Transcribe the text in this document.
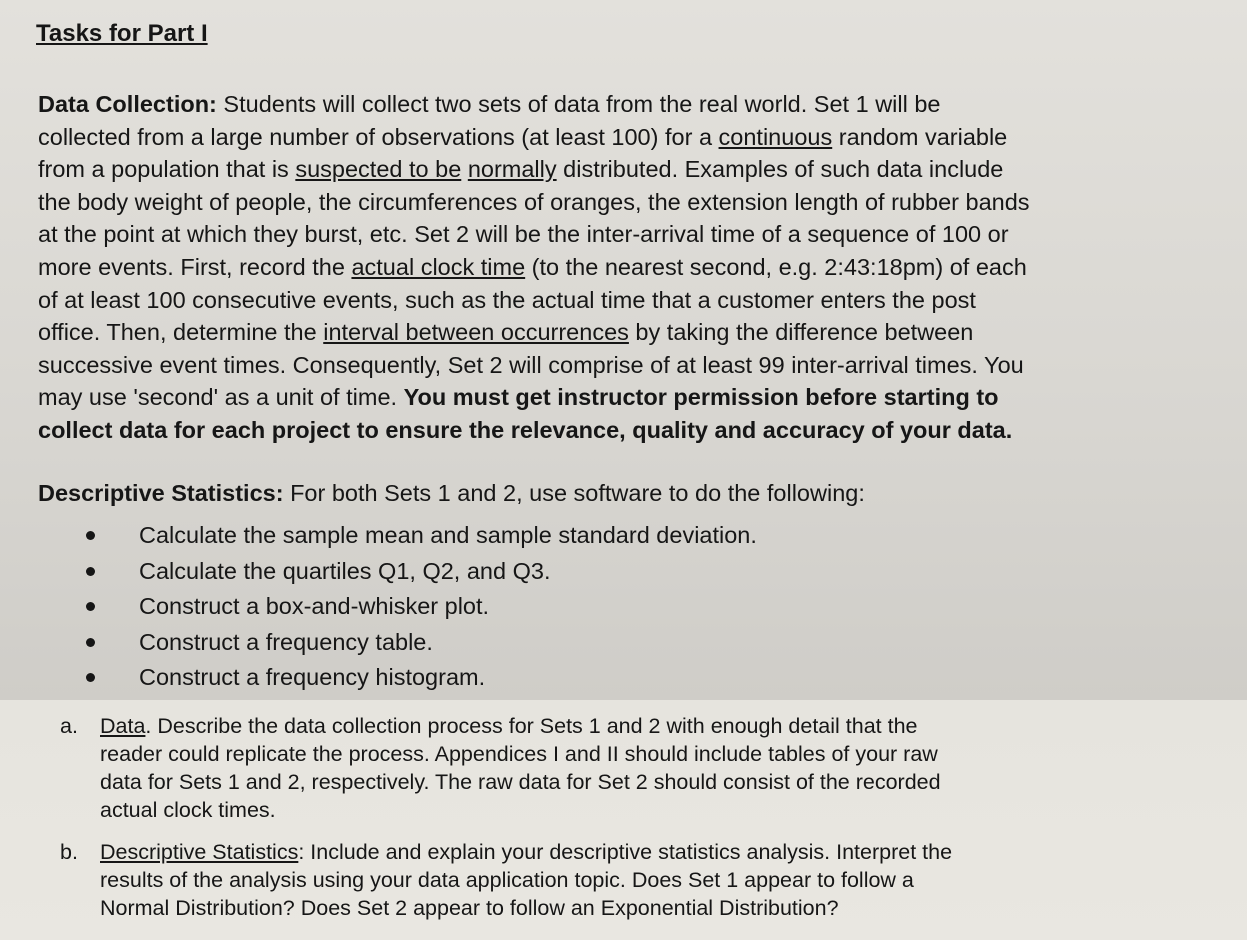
Tasks for Part I
Data Collection: Students will collect two sets of data from the real world. Set 1 will be
collected from a large number of observations (at least 100) for a continuous random variable
from a population that is suspected to be normally distributed. Examples of such data include
the body weight of people, the circumferences of oranges, the extension length of rubber bands
at the point at which they burst, etc. Set 2 will be the inter-arrival time of a sequence of 100 or
more events. First, record the actual clock time (to the nearest second, e.g. 2:43:18pm) of each
of at least 100 consecutive events, such as the actual time that a customer enters the post
office. Then, determine the interval between occurrences by taking the difference between
successive event times. Consequently, Set 2 will comprise of at least 99 inter-arrival times. You
may use 'second' as a unit of time. You must get instructor permission before starting to
collect data for each project to ensure the relevance, quality and accuracy of your data.
Descriptive Statistics: For both Sets 1 and 2, use software to do the following:
Calculate the sample mean and sample standard deviation.
Calculate the quartiles Q1, Q2, and Q3.
Construct a box-and-whisker plot.
Construct a frequency table.
Construct a frequency histogram.
a.	Data. Describe the data collection process for Sets 1 and 2 with enough detail that the
reader could replicate the process. Appendices I and II should include tables of your raw
data for Sets 1 and 2, respectively. The raw data for Set 2 should consist of the recorded
actual clock times.
b.	Descriptive Statistics: Include and explain your descriptive statistics analysis. Interpret the
results of the analysis using your data application topic. Does Set 1 appear to follow a
Normal Distribution? Does Set 2 appear to follow an Exponential Distribution?
